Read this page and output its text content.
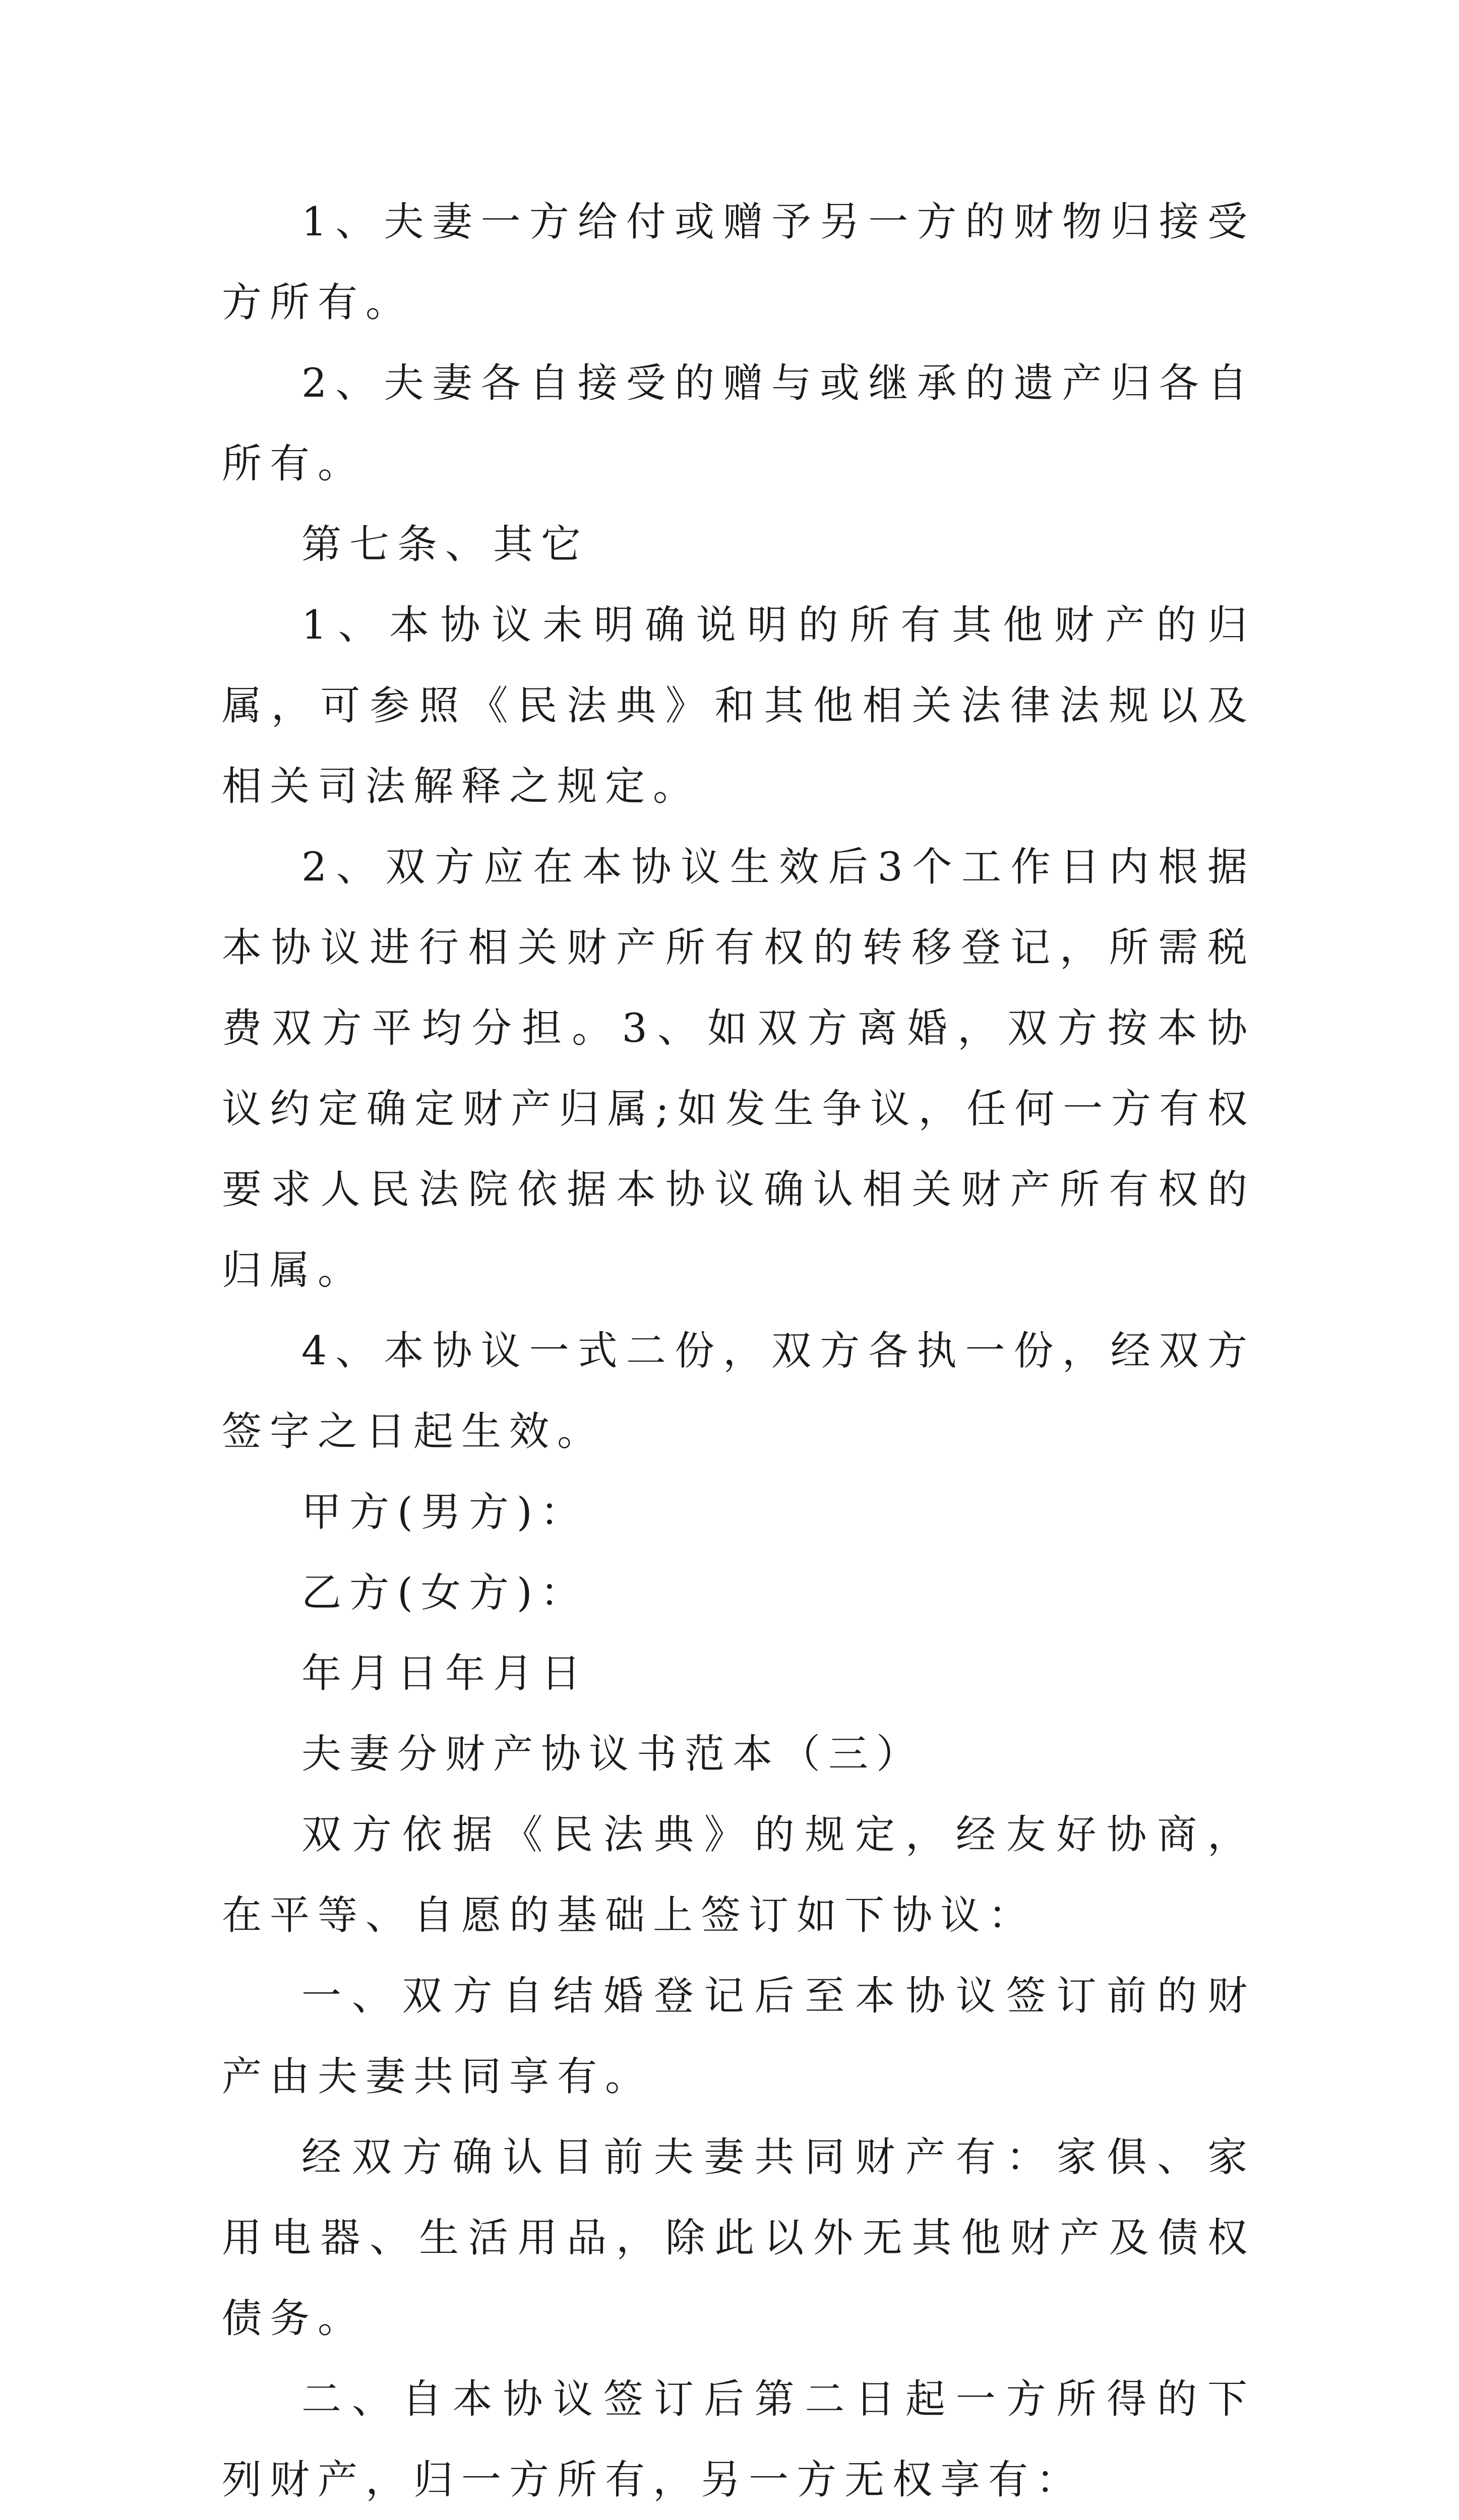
1、夫妻一方给付或赠予另一方的财物归接受方所有。

2、夫妻各自接受的赠与或继承的遗产归各自所有。

第七条、其它

1、本协议未明确说明的所有其他财产的归属，可参照《民法典》和其他相关法律法规以及相关司法解释之规定。

2、双方应在本协议生效后3个工作日内根据本协议进行相关财产所有权的转移登记，所需税费双方平均分担。3、如双方离婚，双方按本协议约定确定财产归属;如发生争议，任何一方有权要求人民法院依据本协议确认相关财产所有权的归属。

4、本协议一式二份，双方各执一份，经双方签字之日起生效。

甲方(男方)：

乙方(女方)：

年月日年月日

夫妻分财产协议书范本（三）

双方依据《民法典》的规定，经友好协商，在平等、自愿的基础上签订如下协议：

一、双方自结婚登记后至本协议签订前的财产由夫妻共同享有。

经双方确认目前夫妻共同财产有：家俱、家用电器、生活用品，除此以外无其他财产及债权债务。

二、自本协议签订后第二日起一方所得的下列财产，归一方所有，另一方无权享有：
